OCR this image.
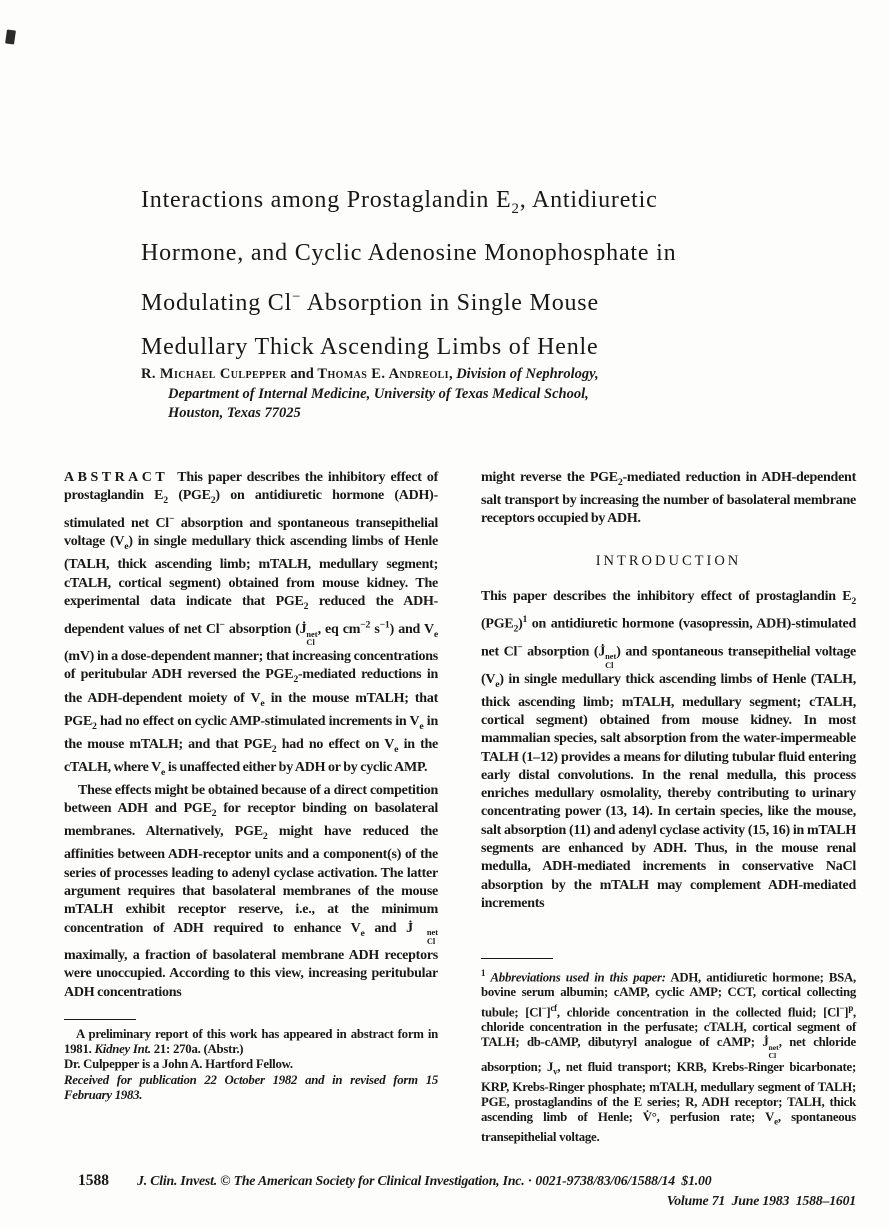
Interactions among Prostaglandin $E_2$, Antidiuretic
Hormone, and Cyclic Adenosine Monophosphate in
Modulating Cl− Absorption in Single Mouse
Medullary Thick Ascending Limbs of Henle
R. Michael Culpepper and Thomas E. Andreoli, Division of Nephrology,
Department of Internal Medicine, University of Texas Medical School,
Houston, Texas 77025

ABSTRACT This paper describes the inhibitory effect of prostaglandin $E_2$ $(PGE_2)$ on antidiuretic hormone (ADH)-stimulated net Cl− absorption and spontaneous transepithelial voltage $(V_e)$ in single medullary thick ascending limbs of Henle (TALH, thick ascending limb; mTALH, medullary segment; cTALH, cortical segment) obtained from mouse kidney. The experimental data indicate that $PGE_2$ reduced the ADH-dependent values of net Cl− absorption (J̇ net
Cl
, eq $cm^{-2}$ $s^{-1}$) and $V_e$ (mV) in a dose-dependent manner; that increasing concentrations of peritubular ADH reversed the $PGE_2$-mediated reductions in the ADH-dependent moiety of $V_e$ in the mouse mTALH; that $PGE_2$ had no effect on cyclic AMP-stimulated increments in $V_e$ in the mouse mTALH; and that $PGE_2$ had no effect on $V_e$ in the cTALH, where $V_e$ is unaffected either by ADH or by cyclic AMP.

These effects might be obtained because of a direct competition between ADH and $PGE_2$ for receptor binding on basolateral membranes. Alternatively, $PGE_2$ might have reduced the affinities between ADH-receptor units and a component(s) of the series of processes leading to adenyl cyclase activation. The latter argument requires that basolateral membranes of the mouse mTALH exhibit receptor reserve, i.e., at the minimum concentration of ADH required to enhance $V_e$ and J̇	net
Cl
maximally, a fraction of basolateral membrane ADH receptors were unoccupied. According to this view, increasing peritubular ADH concentrations

might reverse the $PGE_2$-mediated reduction in ADH-dependent salt transport by increasing the number of basolateral membrane receptors occupied by ADH.

INTRODUCTION

This paper describes the inhibitory effect of prostaglandin $E_2$ $(PGE_2)^1$ on antidiuretic hormone (vasopressin, ADH)-stimulated net Cl− absorption (J̇ net
Cl
) and spontaneous transepithelial voltage $(V_e)$ in single medullary thick ascending limbs of Henle (TALH, thick ascending limb; mTALH, medullary segment; cTALH, cortical segment) obtained from mouse kidney. In most mammalian species, salt absorption from the water-impermeable TALH (1–12) provides a means for diluting tubular fluid entering early distal convolutions. In the renal medulla, this process enriches medullary osmolality, thereby contributing to urinary concentrating power (13, 14). In certain species, like the mouse, salt absorption (11) and adenyl cyclase activity (15, 16) in mTALH segments are enhanced by ADH. Thus, in the mouse renal medulla, ADH-mediated increments in conservative NaCl absorption by the mTALH may complement ADH-mediated increments

A preliminary report of this work has appeared in abstract form in 1981. Kidney Int. 21: 270a. (Abstr.)

Dr. Culpepper is a John A. Hartford Fellow.

Received for publication 22 October 1982 and in revised form 15 February 1983.

$^1$ Abbreviations used in this paper: ADH, antidiuretic hormone; BSA, bovine serum albumin; cAMP, cyclic AMP; CCT, cortical collecting tubule; $[Cl^-]^{cf}$, chloride concentration in the collected fluid; $[Cl^-]^p$, chloride concentration in the perfusate; cTALH, cortical segment of TALH; db-cAMP, dibutyryl analogue of cAMP; J̇ net
Cl
, net chloride absorption; $J_v$, net fluid transport; KRB, Krebs-Ringer bicarbonate; KRP, Krebs-Ringer phosphate; mTALH, medullary segment of TALH; PGE, prostaglandins of the E series; R, ADH receptor; TALH, thick ascending limb of Henle; V̇°, perfusion rate; $V_e$, spontaneous transepithelial voltage.

1588 J. Clin. Invest. © The American Society for Clinical Investigation, Inc. · 0021-9738/83/06/1588/14  $1.00
Volume 71  June 1983  1588–1601
